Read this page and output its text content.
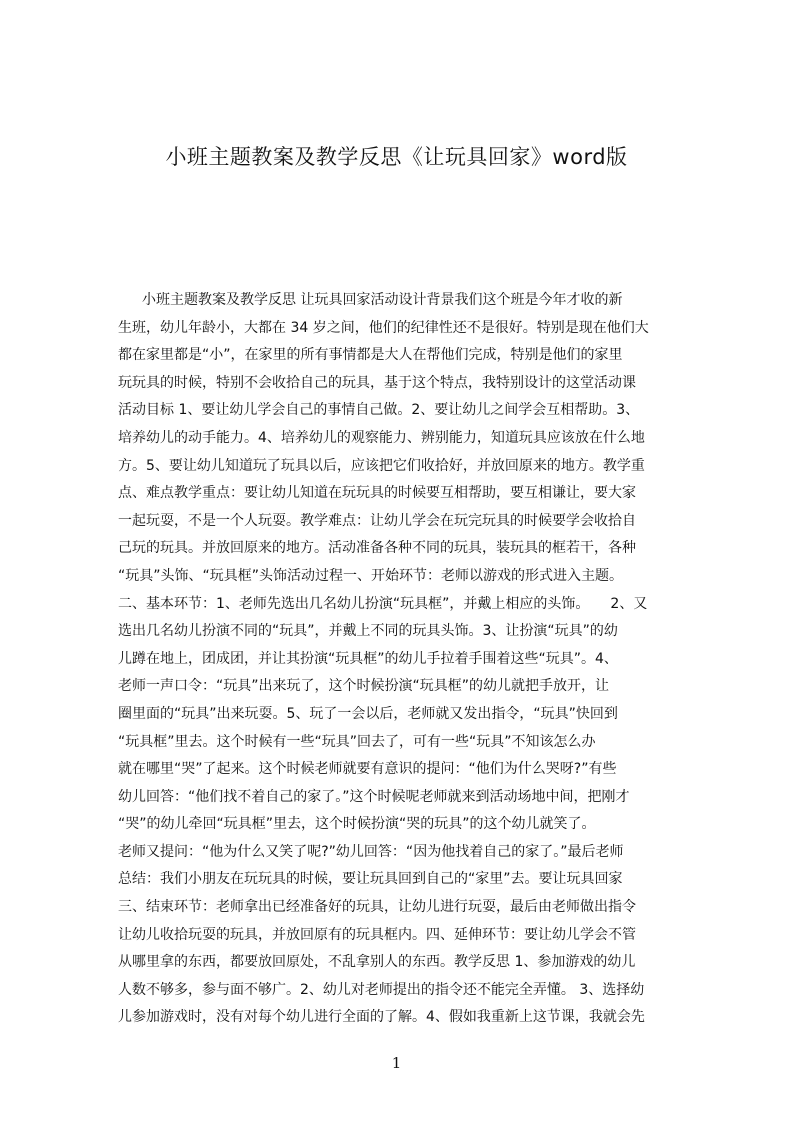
小班主题教案及教学反思《让玩具回家》word版
小班主题教案及教学反思 让玩具回家活动设计背景我们这个班是今年才收的新
生班，幼儿年龄小，大都在 34 岁之间，他们的纪律性还不是很好。特别是现在他们大
都在家里都是“小”，在家里的所有事情都是大人在帮他们完成，特别是他们的家里
玩玩具的时候，特别不会收拾自己的玩具，基于这个特点，我特别设计的这堂活动课
活动目标 1、要让幼儿学会自己的事情自己做。2、要让幼儿之间学会互相帮助。3、
培养幼儿的动手能力。4、培养幼儿的观察能力、辨别能力，知道玩具应该放在什么地
方。5、要让幼儿知道玩了玩具以后，应该把它们收拾好，并放回原来的地方。教学重
点、难点教学重点：要让幼儿知道在玩玩具的时候要互相帮助，要互相谦让，要大家
一起玩耍，不是一个人玩耍。教学难点：让幼儿学会在玩完玩具的时候要学会收拾自
己玩的玩具。并放回原来的地方。活动准备各种不同的玩具，装玩具的框若干，各种
“玩具”头饰、“玩具框”头饰活动过程一、开始环节：老师以游戏的形式进入主题。
二、基本环节：1、老师先选出几名幼儿扮演“玩具框”，并戴上相应的头饰。　　2、又
选出几名幼儿扮演不同的“玩具”，并戴上不同的玩具头饰。3、让扮演“玩具”的幼
儿蹲在地上，团成团，并让其扮演“玩具框”的幼儿手拉着手围着这些“玩具”。4、
老师一声口令：“玩具”出来玩了，这个时候扮演“玩具框”的幼儿就把手放开，让
圈里面的“玩具”出来玩耍。5、玩了一会以后，老师就又发出指令，“玩具”快回到
“玩具框”里去。这个时候有一些“玩具”回去了，可有一些“玩具”不知该怎么办
就在哪里“哭”了起来。这个时候老师就要有意识的提问：“他们为什么哭呀?”有些
幼儿回答：“他们找不着自己的家了。”这个时候呢老师就来到活动场地中间，把刚才
“哭”的幼儿牵回“玩具框”里去，这个时候扮演“哭的玩具”的这个幼儿就笑了。
老师又提问：“他为什么又笑了呢?”幼儿回答：“因为他找着自己的家了。”最后老师
总结：我们小朋友在玩玩具的时候，要让玩具回到自己的“家里”去。要让玩具回家
三、结束环节：老师拿出已经准备好的玩具，让幼儿进行玩耍，最后由老师做出指令
让幼儿收拾玩耍的玩具，并放回原有的玩具框内。四、延伸环节：要让幼儿学会不管
从哪里拿的东西，都要放回原处，不乱拿别人的东西。教学反思 1、参加游戏的幼儿
人数不够多，参与面不够广。2、幼儿对老师提出的指令还不能完全弄懂。 3、选择幼
儿参加游戏时，没有对每个幼儿进行全面的了解。4、假如我重新上这节课，我就会先
1
